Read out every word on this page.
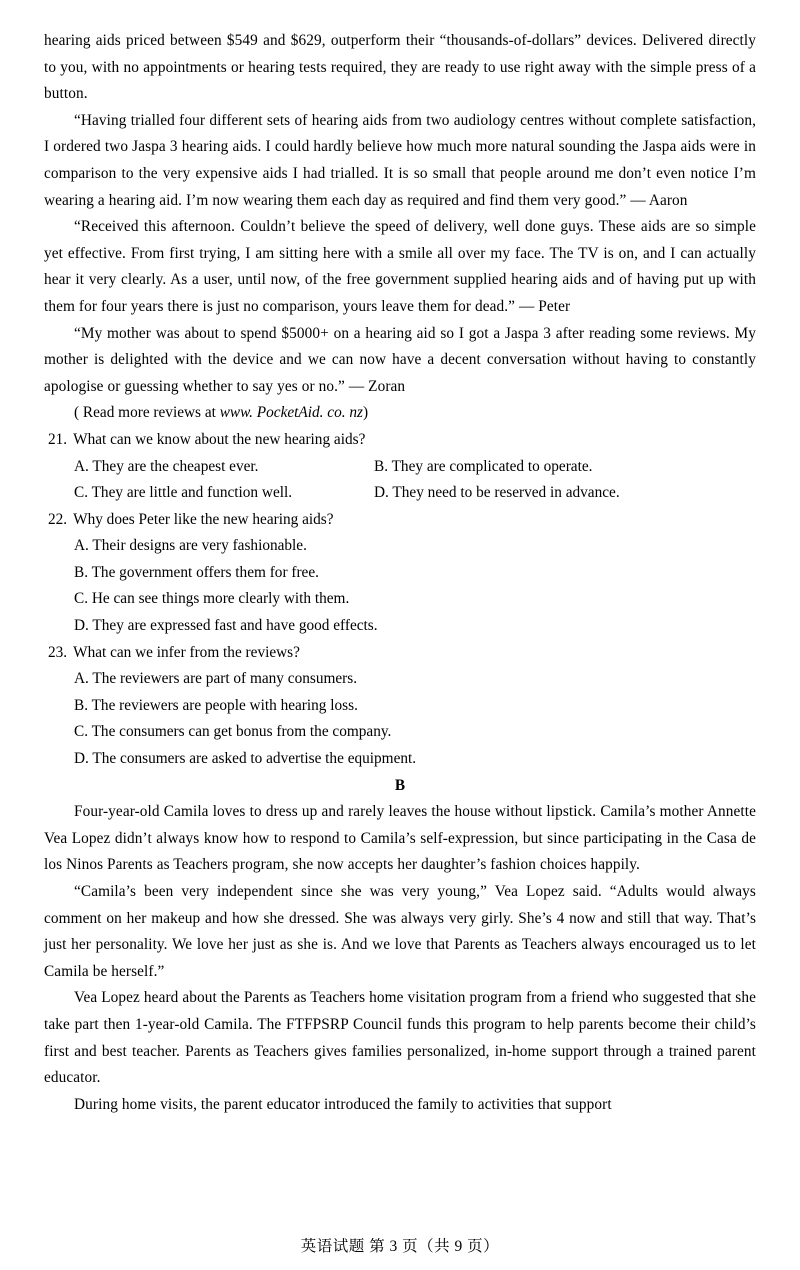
hearing aids priced between $549 and $629, outperform their “thousands-of-dollars” devices. Delivered directly to you, with no appointments or hearing tests required, they are ready to use right away with the simple press of a button.

“Having trialled four different sets of hearing aids from two audiology centres without complete satisfaction, I ordered two Jaspa 3 hearing aids. I could hardly believe how much more natural sounding the Jaspa aids were in comparison to the very expensive aids I had trialled. It is so small that people around me don’t even notice I’m wearing a hearing aid. I’m now wearing them each day as required and find them very good.” — Aaron

“Received this afternoon. Couldn’t believe the speed of delivery, well done guys. These aids are so simple yet effective. From first trying, I am sitting here with a smile all over my face. The TV is on, and I can actually hear it very clearly. As a user, until now, of the free government supplied hearing aids and of having put up with them for four years there is just no comparison, yours leave them for dead.” — Peter

“My mother was about to spend $5000+ on a hearing aid so I got a Jaspa 3 after reading some reviews. My mother is delighted with the device and we can now have a decent conversation without having to constantly apologise or guessing whether to say yes or no.” — Zoran

( Read more reviews at www. PocketAid. co. nz)

21. What can we know about the new hearing aids?

A. They are the cheapest ever.	B. They are complicated to operate.
C. They are little and function well.	D. They need to be reserved in advance.

22. Why does Peter like the new hearing aids?

A. Their designs are very fashionable.
B. The government offers them for free.
C. He can see things more clearly with them.
D. They are expressed fast and have good effects.

23. What can we infer from the reviews?

A. The reviewers are part of many consumers.
B. The reviewers are people with hearing loss.
C. The consumers can get bonus from the company.
D. The consumers are asked to advertise the equipment.

B

Four-year-old Camila loves to dress up and rarely leaves the house without lipstick. Camila’s mother Annette Vea Lopez didn’t always know how to respond to Camila’s self-expression, but since participating in the Casa de los Ninos Parents as Teachers program, she now accepts her daughter’s fashion choices happily.

“Camila’s been very independent since she was very young,” Vea Lopez said. “Adults would always comment on her makeup and how she dressed. She was always very girly. She’s 4 now and still that way. That’s just her personality. We love her just as she is. And we love that Parents as Teachers always encouraged us to let Camila be herself.”

Vea Lopez heard about the Parents as Teachers home visitation program from a friend who suggested that she take part then 1-year-old Camila. The FTFPSRP Council funds this program to help parents become their child’s first and best teacher. Parents as Teachers gives families personalized, in-home support through a trained parent educator.

During home visits, the parent educator introduced the family to activities that support

英语试题 第 3 页（共 9 页）
